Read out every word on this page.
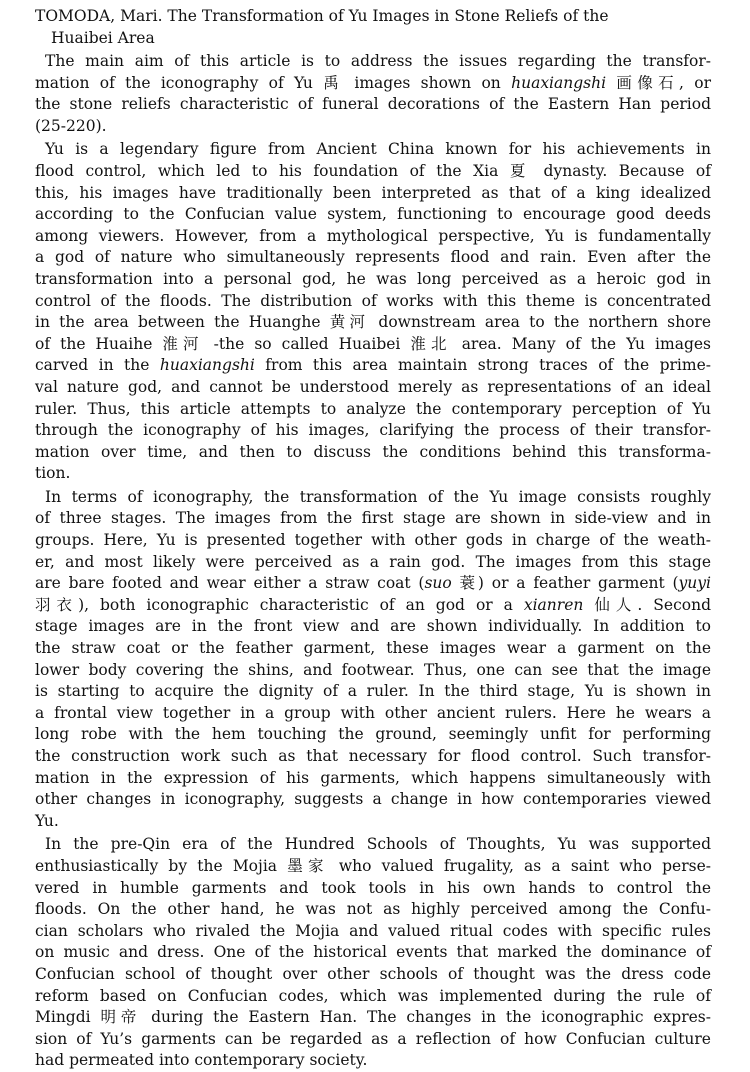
TOMODA, Mari. The Transformation of Yu Images in Stone Reliefs of the
Huaibei Area
The main aim of this article is to address the issues regarding the transfor-
mation of the iconography of Yu 禹 images shown on huaxiangshi 画像石, or
the stone reliefs characteristic of funeral decorations of the Eastern Han period
(25-220).
Yu is a legendary figure from Ancient China known for his achievements in
flood control, which led to his foundation of the Xia 夏 dynasty. Because of
this, his images have traditionally been interpreted as that of a king idealized
according to the Confucian value system, functioning to encourage good deeds
among viewers. However, from a mythological perspective, Yu is fundamentally
a god of nature who simultaneously represents flood and rain. Even after the
transformation into a personal god, he was long perceived as a heroic god in
control of the floods. The distribution of works with this theme is concentrated
in the area between the Huanghe 黄河 downstream area to the northern shore
of the Huaihe 淮河 -the so called Huaibei 淮北 area. Many of the Yu images
carved in the huaxiangshi from this area maintain strong traces of the prime-
val nature god, and cannot be understood merely as representations of an ideal
ruler. Thus, this article attempts to analyze the contemporary perception of Yu
through the iconography of his images, clarifying the process of their transfor-
mation over time, and then to discuss the conditions behind this transforma-
tion.
In terms of iconography, the transformation of the Yu image consists roughly
of three stages. The images from the first stage are shown in side-view and in
groups. Here, Yu is presented together with other gods in charge of the weath-
er, and most likely were perceived as a rain god. The images from this stage
are bare footed and wear either a straw coat (suo 蓑) or a feather garment (yuyi
羽衣), both iconographic characteristic of an god or a xianren 仙人. Second
stage images are in the front view and are shown individually. In addition to
the straw coat or the feather garment, these images wear a garment on the
lower body covering the shins, and footwear. Thus, one can see that the image
is starting to acquire the dignity of a ruler. In the third stage, Yu is shown in
a frontal view together in a group with other ancient rulers. Here he wears a
long robe with the hem touching the ground, seemingly unfit for performing
the construction work such as that necessary for flood control. Such transfor-
mation in the expression of his garments, which happens simultaneously with
other changes in iconography, suggests a change in how contemporaries viewed
Yu.
In the pre-Qin era of the Hundred Schools of Thoughts, Yu was supported
enthusiastically by the Mojia 墨家 who valued frugality, as a saint who perse-
vered in humble garments and took tools in his own hands to control the
floods. On the other hand, he was not as highly perceived among the Confu-
cian scholars who rivaled the Mojia and valued ritual codes with specific rules
on music and dress. One of the historical events that marked the dominance of
Confucian school of thought over other schools of thought was the dress code
reform based on Confucian codes, which was implemented during the rule of
Mingdi 明帝 during the Eastern Han. The changes in the iconographic expres-
sion of Yu’s garments can be regarded as a reflection of how Confucian culture
had permeated into contemporary society.
